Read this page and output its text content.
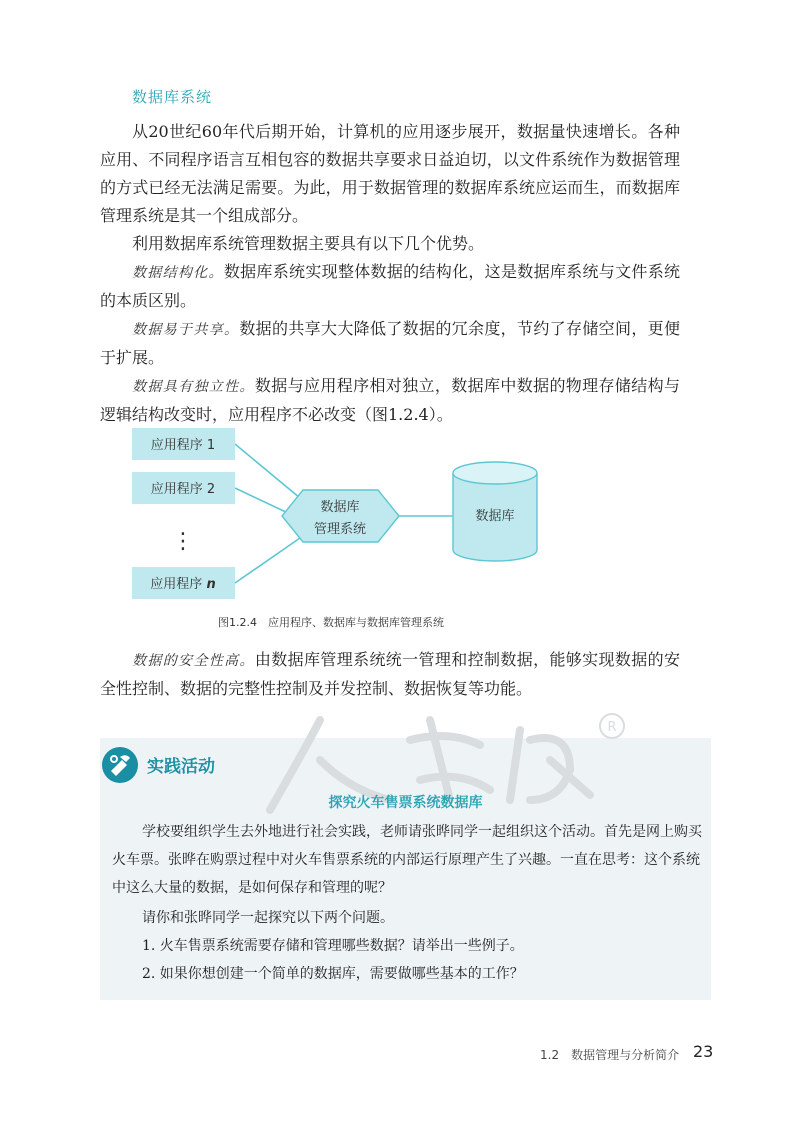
数据库系统

从20世纪60年代后期开始，计算机的应用逐步展开，数据量快速增长。各种应用、不同程序语言互相包容的数据共享要求日益迫切，以文件系统作为数据管理的方式已经无法满足需要。为此，用于数据管理的数据库系统应运而生，而数据库管理系统是其一个组成部分。

利用数据库系统管理数据主要具有以下几个优势。

数据结构化。数据库系统实现整体数据的结构化，这是数据库系统与文件系统的本质区别。

数据易于共享。数据的共享大大降低了数据的冗余度，节约了存储空间，更便于扩展。

数据具有独立性。数据与应用程序相对独立，数据库中数据的物理存储结构与逻辑结构改变时，应用程序不必改变（图1.2.4）。

应用程序 1
应用程序 2
⋮
应用程序 n
数据库
管理系统
数据库
图1.2.4　应用程序、数据库与数据库管理系统

数据的安全性高。由数据库管理系统统一管理和控制数据，能够实现数据的安全性控制、数据的完整性控制及并发控制、数据恢复等功能。

实践活动
R
探究火车售票系统数据库

学校要组织学生去外地进行社会实践，老师请张晔同学一起组织这个活动。首先是网上购买火车票。张晔在购票过程中对火车售票系统的内部运行原理产生了兴趣。一直在思考：这个系统中这么大量的数据，是如何保存和管理的呢？

请你和张晔同学一起探究以下两个问题。

1. 火车售票系统需要存储和管理哪些数据？请举出一些例子。

2. 如果你想创建一个简单的数据库，需要做哪些基本的工作？

1.2　数据管理与分析简介 23
